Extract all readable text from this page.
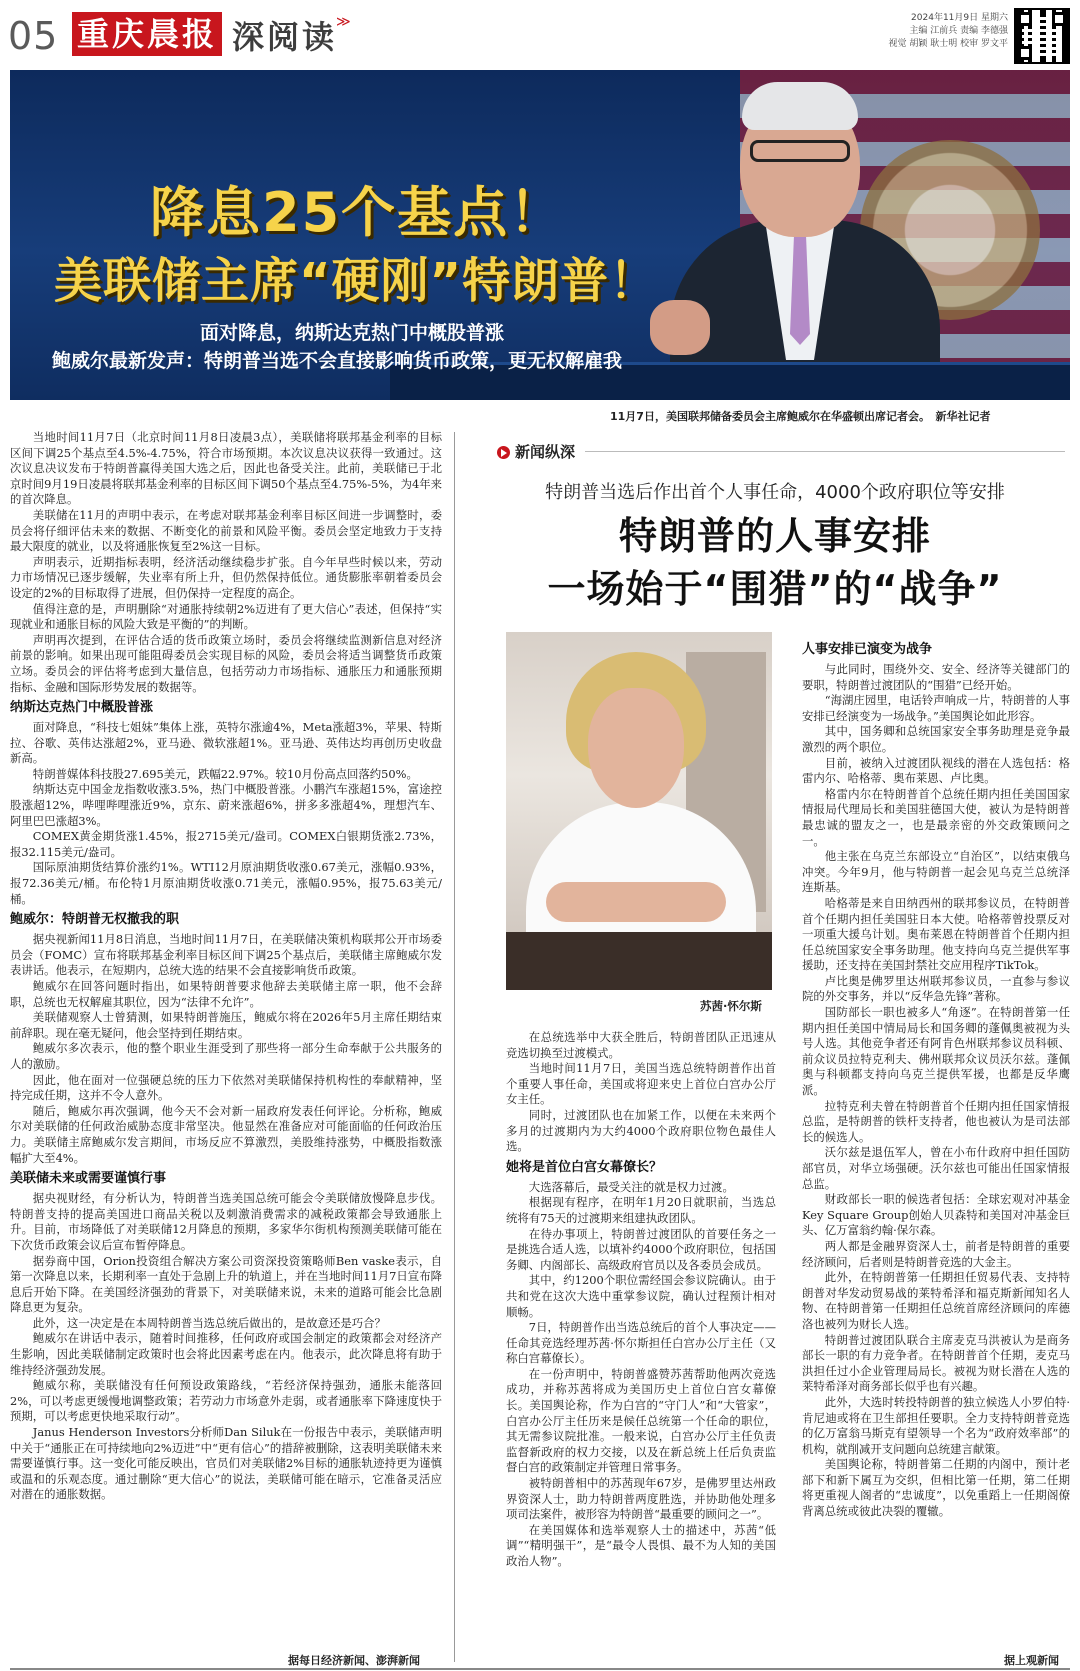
05 重庆晨报 深阅读
≫	2024年11月9日 星期六
主编 江前兵 责编 李德强
视觉 胡颖 耿士明 校审 罗文平
降息25个基点！
美联储主席“硬刚”特朗普！
面对降息，纳斯达克热门中概股普涨
鲍威尔最新发声：特朗普当选不会直接影响货币政策，更无权解雇我
11月7日，美国联邦储备委员会主席鲍威尔在华盛顿出席记者会。　新华社记者

当地时间11月7日（北京时间11月8日凌晨3点），美联储将联邦基金利率的目标区间下调25个基点至4.5%-4.75%，符合市场预期。本次议息决议获得一致通过。这次议息决议发布于特朗普赢得美国大选之后，因此也备受关注。此前，美联储已于北京时间9月19日凌晨将联邦基金利率的目标区间下调50个基点至4.75%-5%，为4年来的首次降息。

美联储在11月的声明中表示，在考虑对联邦基金利率目标区间进一步调整时，委员会将仔细评估未来的数据、不断变化的前景和风险平衡。委员会坚定地致力于支持最大限度的就业，以及将通胀恢复至2%这一目标。

声明表示，近期指标表明，经济活动继续稳步扩张。自今年早些时候以来，劳动力市场情况已逐步缓解，失业率有所上升，但仍然保持低位。通货膨胀率朝着委员会设定的2%的目标取得了进展，但仍保持一定程度的高企。

值得注意的是，声明删除“对通胀持续朝2%迈进有了更大信心”表述，但保持“实现就业和通胀目标的风险大致是平衡的”的判断。

声明再次提到，在评估合适的货币政策立场时，委员会将继续监测新信息对经济前景的影响。如果出现可能阻碍委员会实现目标的风险，委员会将适当调整货币政策立场。委员会的评估将考虑到大量信息，包括劳动力市场指标、通胀压力和通胀预期指标、金融和国际形势发展的数据等。

纳斯达克热门中概股普涨

面对降息，“科技七姐妹”集体上涨，英特尔涨逾4%，Meta涨超3%，苹果、特斯拉、谷歌、英伟达涨超2%，亚马逊、微软涨超1%。亚马逊、英伟达均再创历史收盘新高。

特朗普媒体科技股27.695美元，跌幅22.97%。较10月份高点回落约50%。

纳斯达克中国金龙指数收涨3.5%，热门中概股普涨。小鹏汽车涨超15%，富途控股涨超12%，哔哩哔哩涨近9%，京东、蔚来涨超6%，拼多多涨超4%，理想汽车、阿里巴巴涨超3%。

COMEX黄金期货涨1.45%，报2715美元/盎司。COMEX白银期货涨2.73%，报32.115美元/盎司。

国际原油期货结算价涨约1%。WTI12月原油期货收涨0.67美元，涨幅0.93%，报72.36美元/桶。布伦特1月原油期货收涨0.71美元，涨幅0.95%，报75.63美元/桶。

鲍威尔：特朗普无权撤我的职

据央视新闻11月8日消息，当地时间11月7日，在美联储决策机构联邦公开市场委员会（FOMC）宣布将联邦基金利率目标区间下调25个基点后，美联储主席鲍威尔发表讲话。他表示，在短期内，总统大选的结果不会直接影响货币政策。

鲍威尔在回答问题时指出，如果特朗普要求他辞去美联储主席一职，他不会辞职，总统也无权解雇其职位，因为“法律不允许”。

美联储观察人士曾猜测，如果特朗普施压，鲍威尔将在2026年5月主席任期结束前辞职。现在毫无疑问，他会坚持到任期结束。

鲍威尔多次表示，他的整个职业生涯受到了那些将一部分生命奉献于公共服务的人的激励。

因此，他在面对一位强硬总统的压力下依然对美联储保持机构性的奉献精神，坚持完成任期，这并不令人意外。

随后，鲍威尔再次强调，他今天不会对新一届政府发表任何评论。分析称，鲍威尔对美联储的任何政治威胁态度非常坚决。他显然在准备应对可能面临的任何政治压力。美联储主席鲍威尔发言期间，市场反应不算激烈，美股维持涨势，中概股指数涨幅扩大至4%。

美联储未来或需要谨慎行事

据央视财经，有分析认为，特朗普当选美国总统可能会令美联储放慢降息步伐。特朗普支持的提高美国进口商品关税以及刺激消费需求的减税政策都会导致通胀上升。目前，市场降低了对美联储12月降息的预期，多家华尔街机构预测美联储可能在下次货币政策会议后宣布暂停降息。

据券商中国，Orion投资组合解决方案公司资深投资策略师Ben vaske表示，自第一次降息以来，长期利率一直处于急剧上升的轨道上，并在当地时间11月7日宣布降息后开始下降。在美国经济强劲的背景下，对美联储来说，未来的道路可能会比急剧降息更为复杂。

此外，这一决定是在本周特朗普当选总统后做出的，是故意还是巧合？

鲍威尔在讲话中表示，随着时间推移，任何政府或国会制定的政策都会对经济产生影响，因此美联储制定政策时也会将此因素考虑在内。他表示，此次降息将有助于维持经济强劲发展。

鲍威尔称，美联储没有任何预设政策路线，“若经济保持强劲，通胀未能落回2%，可以考虑更缓慢地调整政策；若劳动力市场意外走弱，或者通胀率下降速度快于预期，可以考虑更快地采取行动”。

Janus Henderson Investors分析师Dan Siluk在一份报告中表示，美联储声明中关于“通胀正在可持续地向2%迈进”中“更有信心”的措辞被删除，这表明美联储未来需要谨慎行事。这一变化可能反映出，官员们对美联储2%目标的通胀轨迹持更为谨慎或温和的乐观态度。通过删除“更大信心”的说法，美联储可能在暗示，它准备灵活应对潜在的通胀数据。

据每日经济新闻、澎湃新闻
新闻纵深
特朗普当选后作出首个人事任命，4000个政府职位等安排
特朗普的人事安排
一场始于“围猎”的“战争”
苏茜·怀尔斯

在总统选举中大获全胜后，特朗普团队正迅速从竞选切换至过渡模式。

当地时间11月7日，美国当选总统特朗普作出首个重要人事任命，美国或将迎来史上首位白宫办公厅女主任。

同时，过渡团队也在加紧工作，以便在未来两个多月的过渡期内为大约4000个政府职位物色最佳人选。

她将是首位白宫女幕僚长？

大选落幕后，最受关注的就是权力过渡。

根据现有程序，在明年1月20日就职前，当选总统将有75天的过渡期来组建执政团队。

在待办事项上，特朗普过渡团队的首要任务之一是挑选合适人选，以填补约4000个政府职位，包括国务卿、内阁部长、高级政府官员以及各委员会成员。

其中，约1200个职位需经国会参议院确认。由于共和党在这次大选中重掌参议院，确认过程预计相对顺畅。

7日，特朗普作出当选总统后的首个人事决定——任命其竞选经理苏茜·怀尔斯担任白宫办公厅主任（又称白宫幕僚长）。

在一份声明中，特朗普盛赞苏茜帮助他两次竞选成功，并称苏茜将成为美国历史上首位白宫女幕僚长。美国舆论称，作为白宫的“守门人”和“大管家”，白宫办公厅主任历来是候任总统第一个任命的职位，其无需参议院批准。一般来说，白宫办公厅主任负责监督新政府的权力交接，以及在新总统上任后负责监督白宫的政策制定并管理日常事务。

被特朗普相中的苏茜现年67岁，是佛罗里达州政界资深人士，助力特朗普两度胜选，并协助他处理多项司法案件，被形容为特朗普“最重要的顾问之一”。

在美国媒体和选举观察人士的描述中，苏茜“低调”“精明强干”，是“最令人畏惧、最不为人知的美国政治人物”。

人事安排已演变为战争

与此同时，围绕外交、安全、经济等关键部门的要职，特朗普过渡团队的“围猎”已经开始。

“海湖庄园里，电话铃声响成一片，特朗普的人事安排已经演变为一场战争。”美国舆论如此形容。

其中，国务卿和总统国家安全事务助理是竞争最激烈的两个职位。

目前，被纳入过渡团队视线的潜在人选包括：格雷内尔、哈格蒂、奥布莱恩、卢比奥。

格雷内尔在特朗普首个总统任期内担任美国国家情报局代理局长和美国驻德国大使，被认为是特朗普最忠诚的盟友之一，也是最亲密的外交政策顾问之一。

他主张在乌克兰东部设立“自治区”，以结束俄乌冲突。今年9月，他与特朗普一起会见乌克兰总统泽连斯基。

哈格蒂是来自田纳西州的联邦参议员，在特朗普首个任期内担任美国驻日本大使。哈格蒂曾投票反对一项重大援乌计划。奥布莱恩在特朗普首个任期内担任总统国家安全事务助理。他支持向乌克兰提供军事援助，还支持在美国封禁社交应用程序TikTok。

卢比奥是佛罗里达州联邦参议员，一直参与参议院的外交事务，并以“反华急先锋”著称。

国防部长一职也被多人“角逐”。在特朗普第一任期内担任美国中情局局长和国务卿的蓬佩奥被视为头号人选。其他竞争者还有阿肯色州联邦参议员科顿、前众议员拉特克利夫、佛州联邦众议员沃尔兹。蓬佩奥与科顿都支持向乌克兰提供军援，也都是反华鹰派。

拉特克利夫曾在特朗普首个任期内担任国家情报总监，是特朗普的铁杆支持者，他也被认为是司法部长的候选人。

沃尔兹是退伍军人，曾在小布什政府中担任国防部官员，对华立场强硬。沃尔兹也可能出任国家情报总监。

财政部长一职的候选者包括：全球宏观对冲基金Key Square Group创始人贝森特和美国对冲基金巨头、亿万富翁约翰·保尔森。

两人都是金融界资深人士，前者是特朗普的重要经济顾问，后者则是特朗普竞选的大金主。

此外，在特朗普第一任期担任贸易代表、支持特朗普对华发动贸易战的莱特希泽和福克斯新闻知名人物、在特朗普第一任期担任总统首席经济顾问的库德洛也被列为财长人选。

特朗普过渡团队联合主席麦克马洪被认为是商务部长一职的有力竞争者。在特朗普首个任期，麦克马洪担任过小企业管理局局长。被视为财长潜在人选的莱特希泽对商务部长似乎也有兴趣。

此外，大选时转投特朗普的独立候选人小罗伯特·肯尼迪或将在卫生部担任要职。全力支持特朗普竞选的亿万富翁马斯克有望领导一个名为“政府效率部”的机构，就削减开支问题向总统建言献策。

美国舆论称，特朗普第二任期的内阁中，预计老部下和新下属互为交织，但相比第一任期，第二任期将更重视人阁者的“忠诚度”，以免重蹈上一任期阁僚背离总统或彼此决裂的覆辙。

据上观新闻
